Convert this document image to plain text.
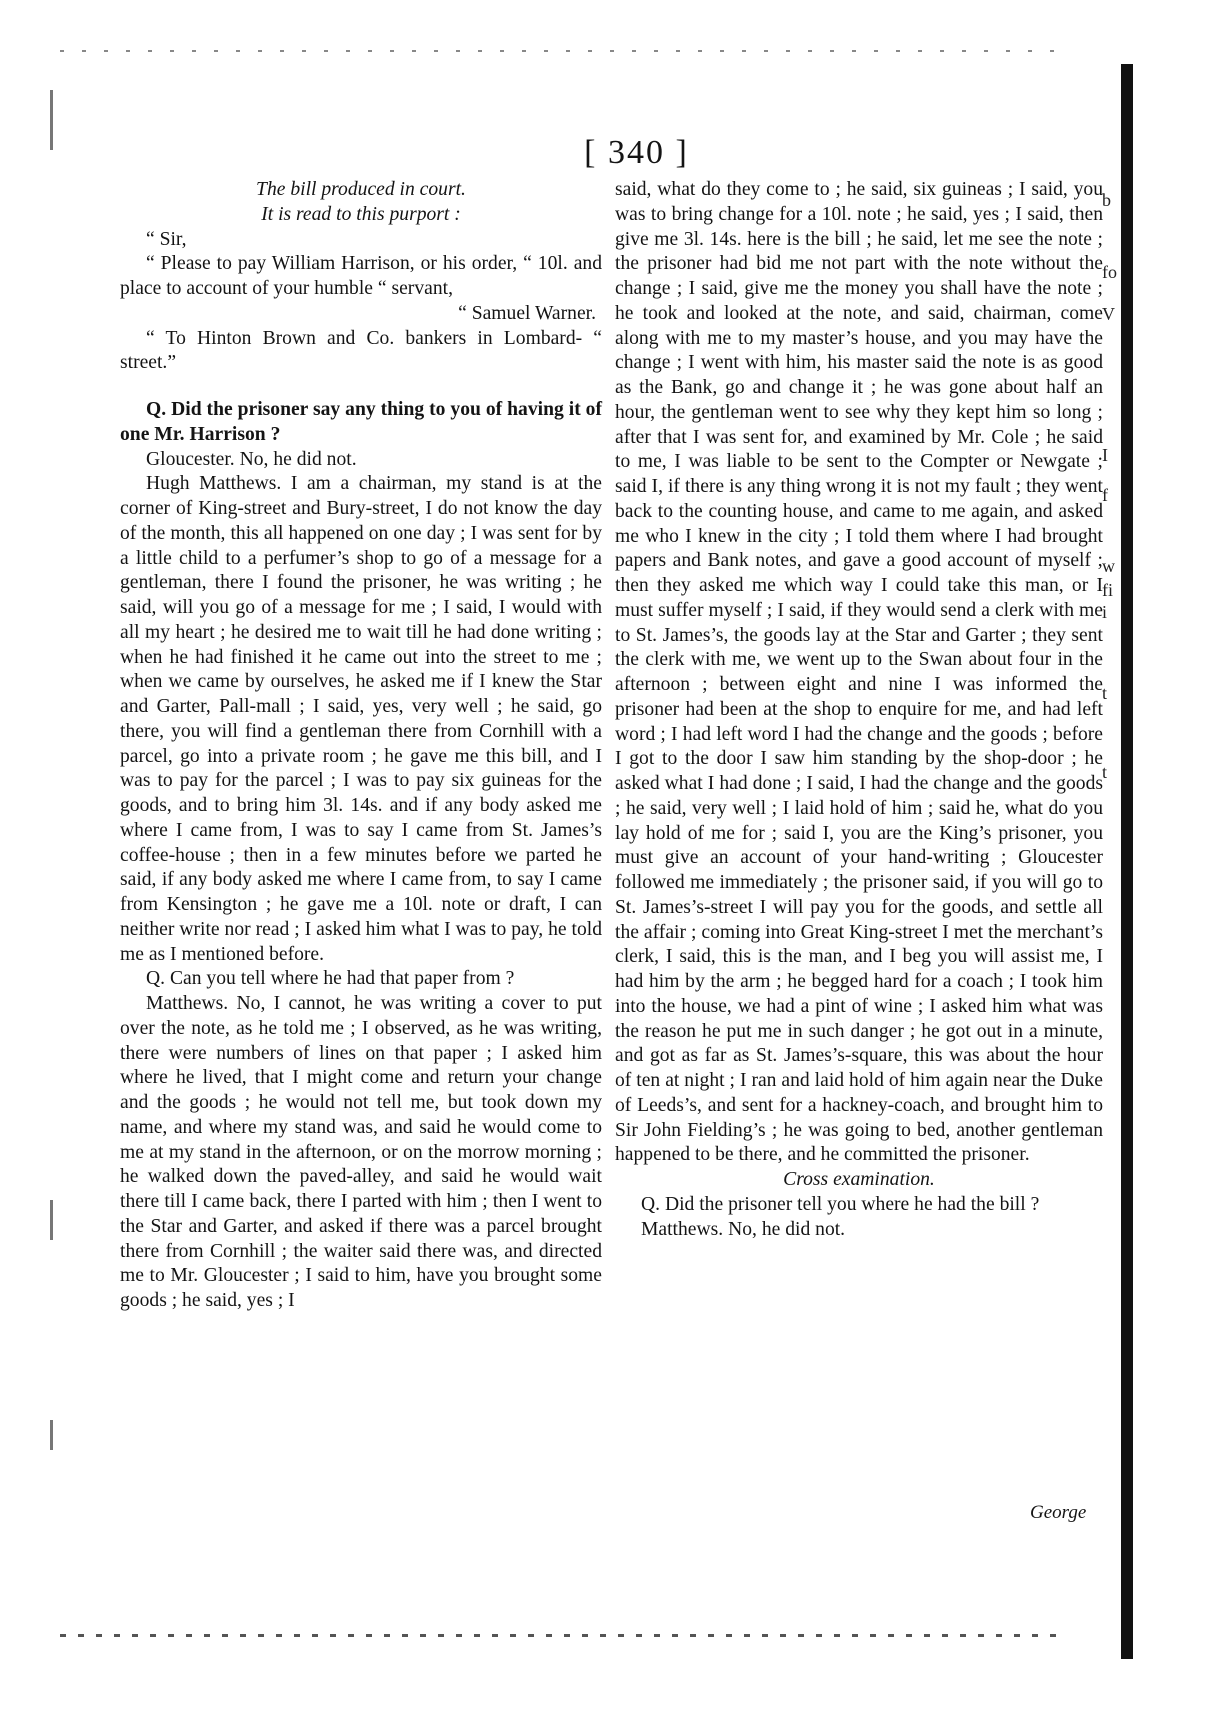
[ 340 ]

The bill produced in court.

It is read to this purport :

“ Sir,

“ Please to pay William Harrison, or his order, “ 10l. and place to account of your humble “ servant,

“ Samuel Warner.

“ To Hinton Brown and Co. bankers in Lombard- “ street.”

Q. Did the prisoner say any thing to you of having it of one Mr. Harrison ?

Gloucester. No, he did not.

Hugh Matthews. I am a chairman, my stand is at the corner of King-street and Bury-street, I do not know the day of the month, this all happened on one day ; I was sent for by a little child to a perfumer’s shop to go of a message for a gentleman, there I found the prisoner, he was writing ; he said, will you go of a message for me ; I said, I would with all my heart ; he desired me to wait till he had done writing ; when he had finished it he came out into the street to me ; when we came by ourselves, he asked me if I knew the Star and Garter, Pall-mall ; I said, yes, very well ; he said, go there, you will find a gentleman there from Cornhill with a parcel, go into a private room ; he gave me this bill, and I was to pay for the parcel ; I was to pay six guineas for the goods, and to bring him 3l. 14s. and if any body asked me where I came from, I was to say I came from St. James’s coffee-house ; then in a few minutes before we parted he said, if any body asked me where I came from, to say I came from Kensington ; he gave me a 10l. note or draft, I can neither write nor read ; I asked him what I was to pay, he told me as I mentioned before.

Q. Can you tell where he had that paper from ?

Matthews. No, I cannot, he was writing a cover to put over the note, as he told me ; I observed, as he was writing, there were numbers of lines on that paper ; I asked him where he lived, that I might come and return your change and the goods ; he would not tell me, but took down my name, and where my stand was, and said he would come to me at my stand in the afternoon, or on the morrow morning ; he walked down the paved-alley, and said he would wait there till I came back, there I parted with him ; then I went to the Star and Garter, and asked if there was a parcel brought there from Cornhill ; the waiter said there was, and directed me to Mr. Gloucester ; I said to him, have you brought some goods ; he said, yes ; I

said, what do they come to ; he said, six guineas ; I said, you was to bring change for a 10l. note ; he said, yes ; I said, then give me 3l. 14s. here is the bill ; he said, let me see the note ; the prisoner had bid me not part with the note without the change ; I said, give me the money you shall have the note ; he took and looked at the note, and said, chairman, come along with me to my master’s house, and you may have the change ; I went with him, his master said the note is as good as the Bank, go and change it ; he was gone about half an hour, the gentleman went to see why they kept him so long ; after that I was sent for, and examined by Mr. Cole ; he said to me, I was liable to be sent to the Compter or Newgate ; said I, if there is any thing wrong it is not my fault ; they went back to the counting house, and came to me again, and asked me who I knew in the city ; I told them where I had brought papers and Bank notes, and gave a good account of myself ; then they asked me which way I could take this man, or I must suffer myself ; I said, if they would send a clerk with me to St. James’s, the goods lay at the Star and Garter ; they sent the clerk with me, we went up to the Swan about four in the afternoon ; between eight and nine I was informed the prisoner had been at the shop to enquire for me, and had left word ; I had left word I had the change and the goods ; before I got to the door I saw him standing by the shop-door ; he asked what I had done ; I said, I had the change and the goods ; he said, very well ; I laid hold of him ; said he, what do you lay hold of me for ; said I, you are the King’s prisoner, you must give an account of your hand-writing ; Gloucester followed me immediately ; the prisoner said, if you will go to St. James’s-street I will pay you for the goods, and settle all the affair ; coming into Great King-street I met the merchant’s clerk, I said, this is the man, and I beg you will assist me, I had him by the arm ; he begged hard for a coach ; I took him into the house, we had a pint of wine ; I asked him what was the reason he put me in such danger ; he got out in a minute, and got as far as St. James’s-square, this was about the hour of ten at night ; I ran and laid hold of him again near the Duke of Leeds’s, and sent for a hackney-coach, and brought him to Sir John Fielding’s ; he was going to bed, another gentleman happened to be there, and he committed the prisoner.

Cross examination.

Q. Did the prisoner tell you where he had the bill ?

Matthews. No, he did not.

George
b
fo
V
I
f
w
fi
i
t
t
